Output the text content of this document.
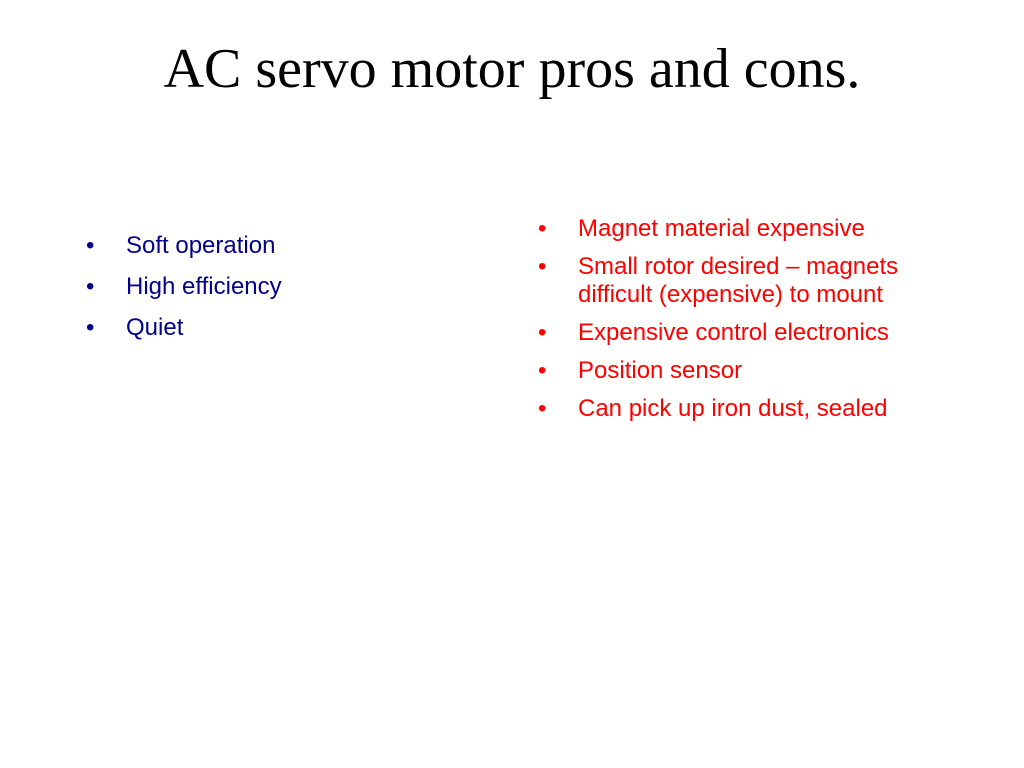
AC servo motor pros and cons.
•	Soft operation
•	High efficiency
•	Quiet
•	Magnet material expensive
•	Small rotor desired – magnets difficult (expensive) to mount
•	Expensive control electronics
•	Position sensor
•	Can pick up iron dust, sealed
